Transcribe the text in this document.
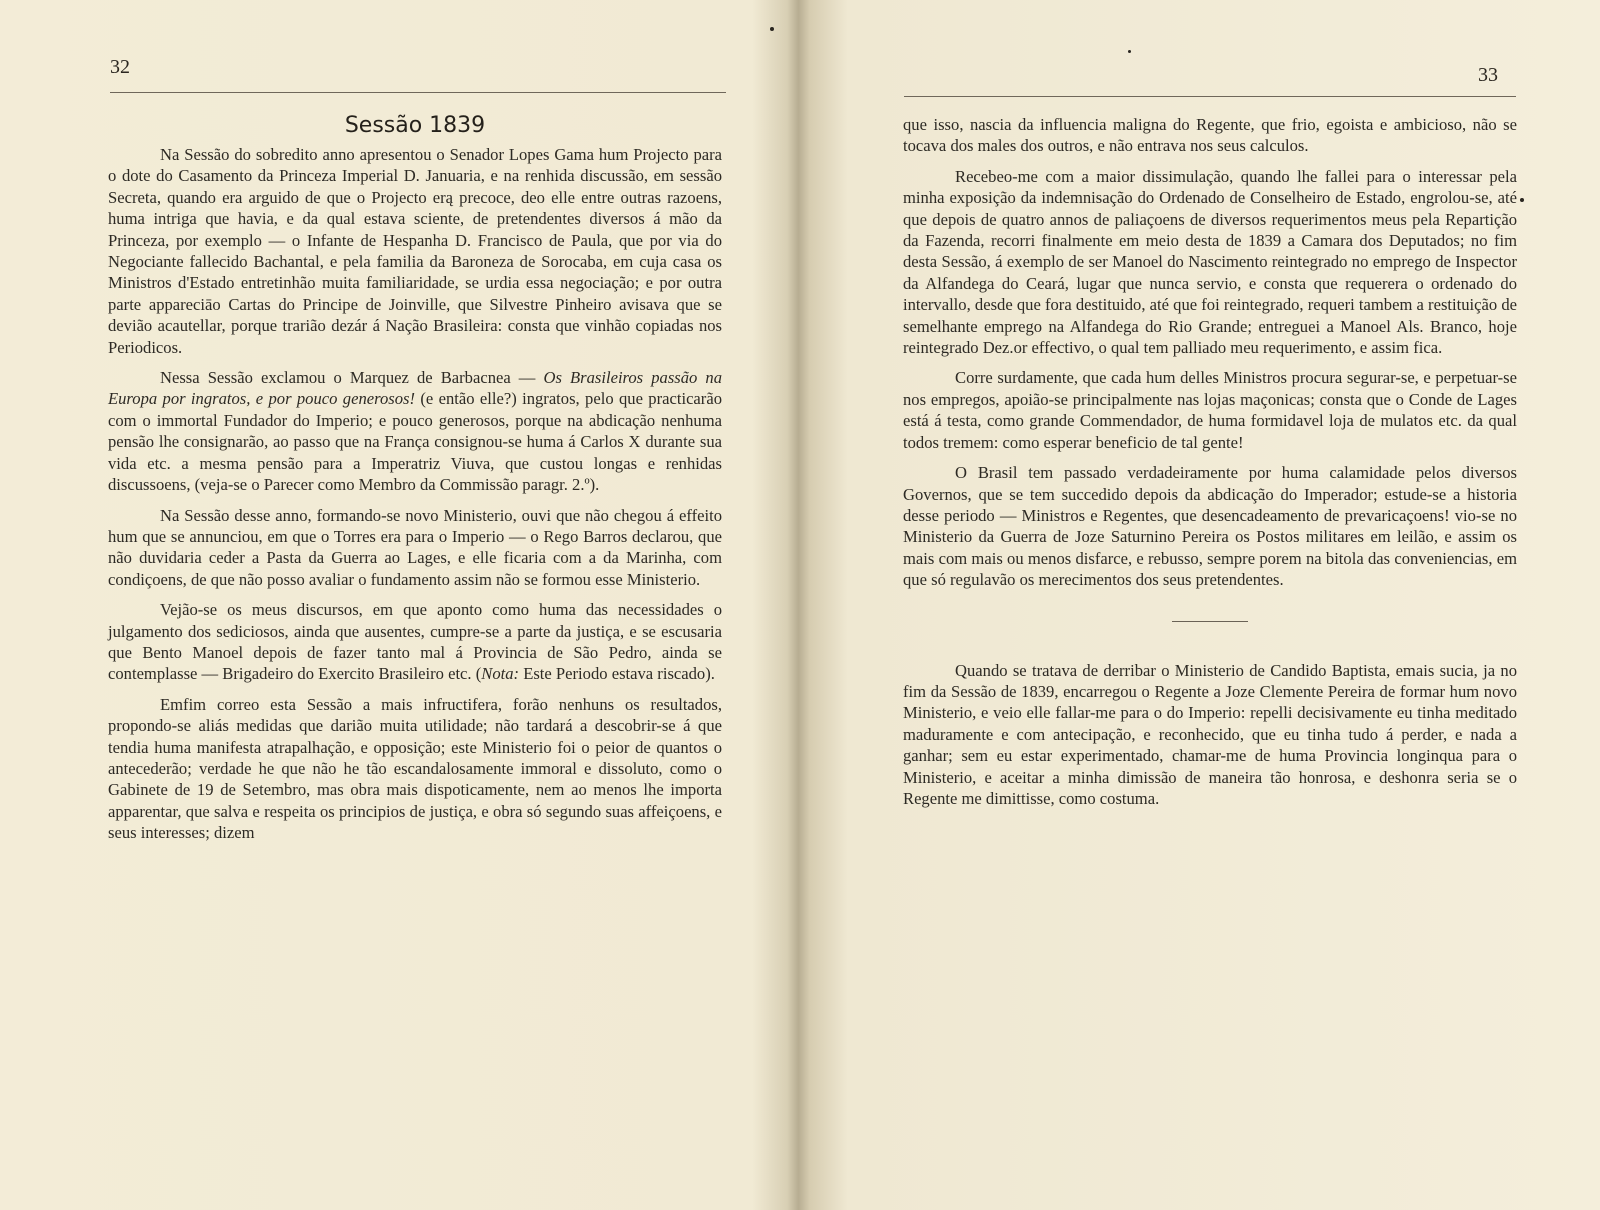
32
Sessão 1839

Na Sessão do sobredito anno apresentou o Senador Lopes Gama hum Projecto para o dote do Casamento da Princeza Imperial D. Januaria, e na renhida discussão, em sessão Secreta, quando era arguido de que o Projecto erą precoce, deo elle entre outras razoens, huma intriga que havia, e da qual estava sciente, de pretendentes diversos á mão da Princeza, por exemplo — o Infante de Hespanha D. Francisco de Paula, que por via do Negociante fallecido Bachantal, e pela familia da Baroneza de Sorocaba, em cuja casa os Ministros d'Estado entretinhão muita familiaridade, se urdia essa negociação; e por outra parte appareciāo Cartas do Principe de Joinville, que Silvestre Pinheiro avisava que se devião acautellar, porque trarião dezár á Nação Brasileira: consta que vinhão copiadas nos Periodicos.

Nessa Sessão exclamou o Marquez de Barbacnea — Os Brasileiros passão na Europa por ingratos, e por pouco generosos! (e então elle?) ingratos, pelo que practicarão com o immortal Fundador do Imperio; e pouco generosos, porque na abdicação nenhuma pensão lhe consignarão, ao passo que na França consignou-se huma á Carlos X durante sua vida etc. a mesma pensão para a Imperatriz Viuva, que custou longas e renhidas discussoens, (veja-se o Parecer como Membro da Commissão paragr. 2.º).

Na Sessão desse anno, formando-se novo Ministerio, ouvi que não chegou á effeito hum que se annunciou, em que o Torres era para o Imperio — o Rego Barros declarou, que não duvidaria ceder a Pasta da Guerra ao Lages, e elle ficaria com a da Marinha, com condiçoens, de que não posso avaliar o fundamento assim não se formou esse Ministerio.

Vejão-se os meus discursos, em que aponto como huma das necessidades o julgamento dos sediciosos, ainda que ausentes, cumpre-se a parte da justiça, e se escusaria que Bento Manoel depois de fazer tanto mal á Provincia de São Pedro, ainda se contemplasse — Brigadeiro do Exercito Brasileiro etc. (Nota: Este Periodo estava riscado).

Emfim correo esta Sessão a mais infructifera, forão nenhuns os resultados, propondo-se aliás medidas que darião muita utilidade; não tardará a descobrir-se á que tendia huma manifesta atrapalhação, e opposição; este Ministerio foi o peior de quantos o antecederão; verdade he que não he tão escandalosamente immoral e dissoluto, como o Gabinete de 19 de Setembro, mas obra mais dispoticamente, nem ao menos lhe importa apparentar, que salva e respeita os principios de justiça, e obra só segundo suas affeiçoens, e seus interesses; dizem

33

que isso, nascia da influencia maligna do Regente, que frio, egoista e ambicioso, não se tocava dos males dos outros, e não entrava nos seus calculos.

Recebeo-me com a maior dissimulação, quando lhe fallei para o interessar pela minha exposição da indemnisação do Ordenado de Conselheiro de Estado, engrolou-se, até que depois de quatro annos de paliaçoens de diversos requerimentos meus pela Repartição da Fazenda, recorri finalmente em meio desta de 1839 a Camara dos Deputados; no fim desta Sessão, á exemplo de ser Manoel do Nascimento reintegrado no emprego de Inspector da Alfandega do Ceará, lugar que nunca servio, e consta que requerera o ordenado do intervallo, desde que fora destituido, até que foi reintegrado, requeri tambem a restituição de semelhante emprego na Alfandega do Rio Grande; entreguei a Manoel Als. Branco, hoje reintegrado Dez.or effectivo, o qual tem palliado meu requerimento, e assim fica.

Corre surdamente, que cada hum delles Ministros procura segurar-se, e perpetuar-se nos empregos, apoião-se principalmente nas lojas maçonicas; consta que o Conde de Lages está á testa, como grande Commendador, de huma formidavel loja de mulatos etc. da qual todos tremem: como esperar beneficio de tal gente!

O Brasil tem passado verdadeiramente por huma calamidade pelos diversos Governos, que se tem succedido depois da abdicação do Imperador; estude-se a historia desse periodo — Ministros e Regentes, que desencadeamento de prevaricaçoens! vio-se no Ministerio da Guerra de Joze Saturnino Pereira os Postos militares em leilão, e assim os mais com mais ou menos disfarce, e rebusso, sempre porem na bitola das conveniencias, em que só regulavão os merecimentos dos seus pretendentes.

Quando se tratava de derribar o Ministerio de Candido Baptista, emais sucia, ja no fim da Sessão de 1839, encarregou o Regente a Joze Clemente Pereira de formar hum novo Ministerio, e veio elle fallar-me para o do Imperio: repelli decisivamente eu tinha meditado maduramente e com antecipação, e reconhecido, que eu tinha tudo á perder, e nada a ganhar; sem eu estar experimentado, chamar-me de huma Provincia longinqua para o Ministerio, e aceitar a minha dimissão de maneira tão honrosa, e deshonra seria se o Regente me dimittisse, como costuma.
